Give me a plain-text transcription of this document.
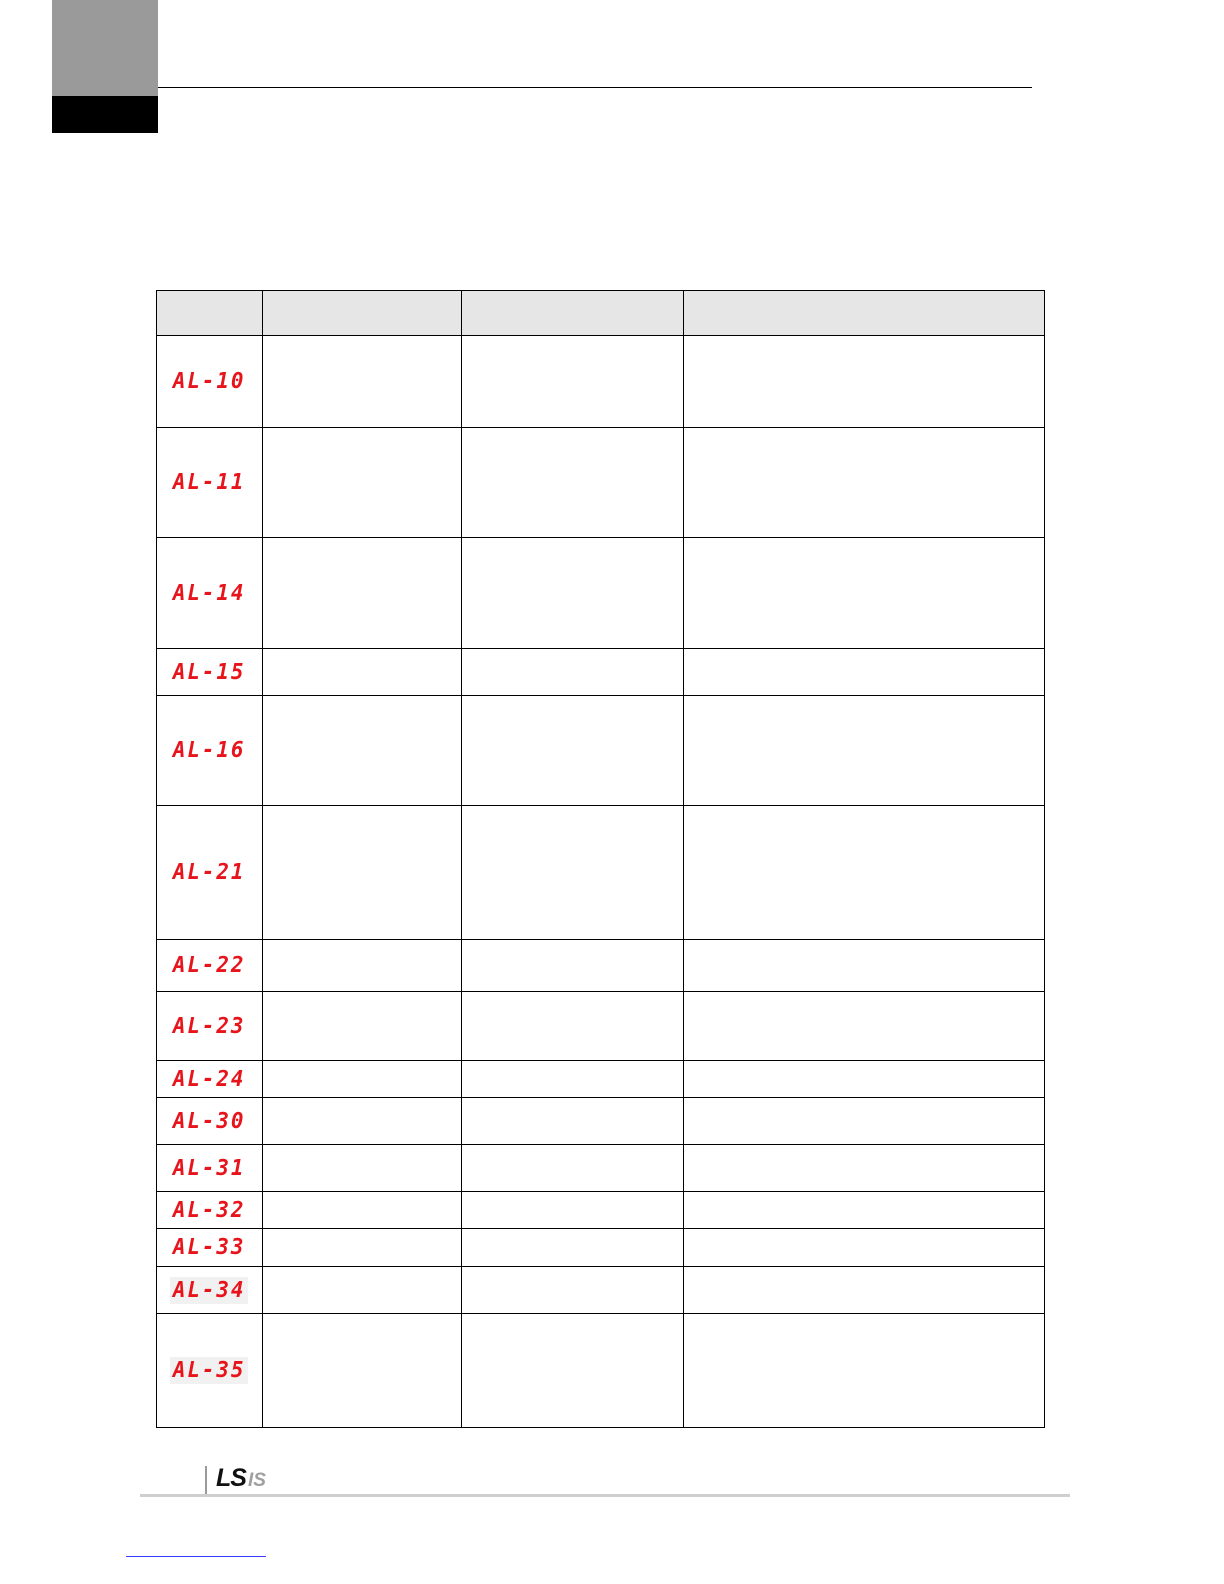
AL-10			
AL-11			
AL-14			
AL-15			
AL-16			
AL-21			
AL-22			
AL-23			
AL-24			
AL-30			
AL-31			
AL-32			
AL-33			
AL-34			
AL-35			
LS IS
